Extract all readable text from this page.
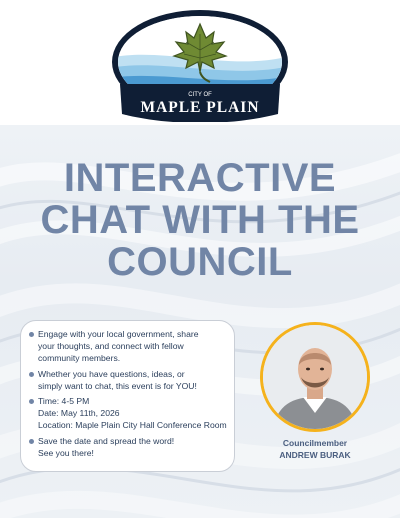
CITY OF
MAPLE PLAIN
INTERACTIVE
CHAT WITH THE
COUNCIL
Engage with your local government, share
your thoughts, and connect with fellow
community members.
Whether you have questions, ideas, or
simply want to chat, this event is for YOU!
Time: 4-5 PM
Date: May 11th, 2026
Location: Maple Plain City Hall Conference Room
Save the date and spread the word!
See you there!
Councilmember
ANDREW BURAK
